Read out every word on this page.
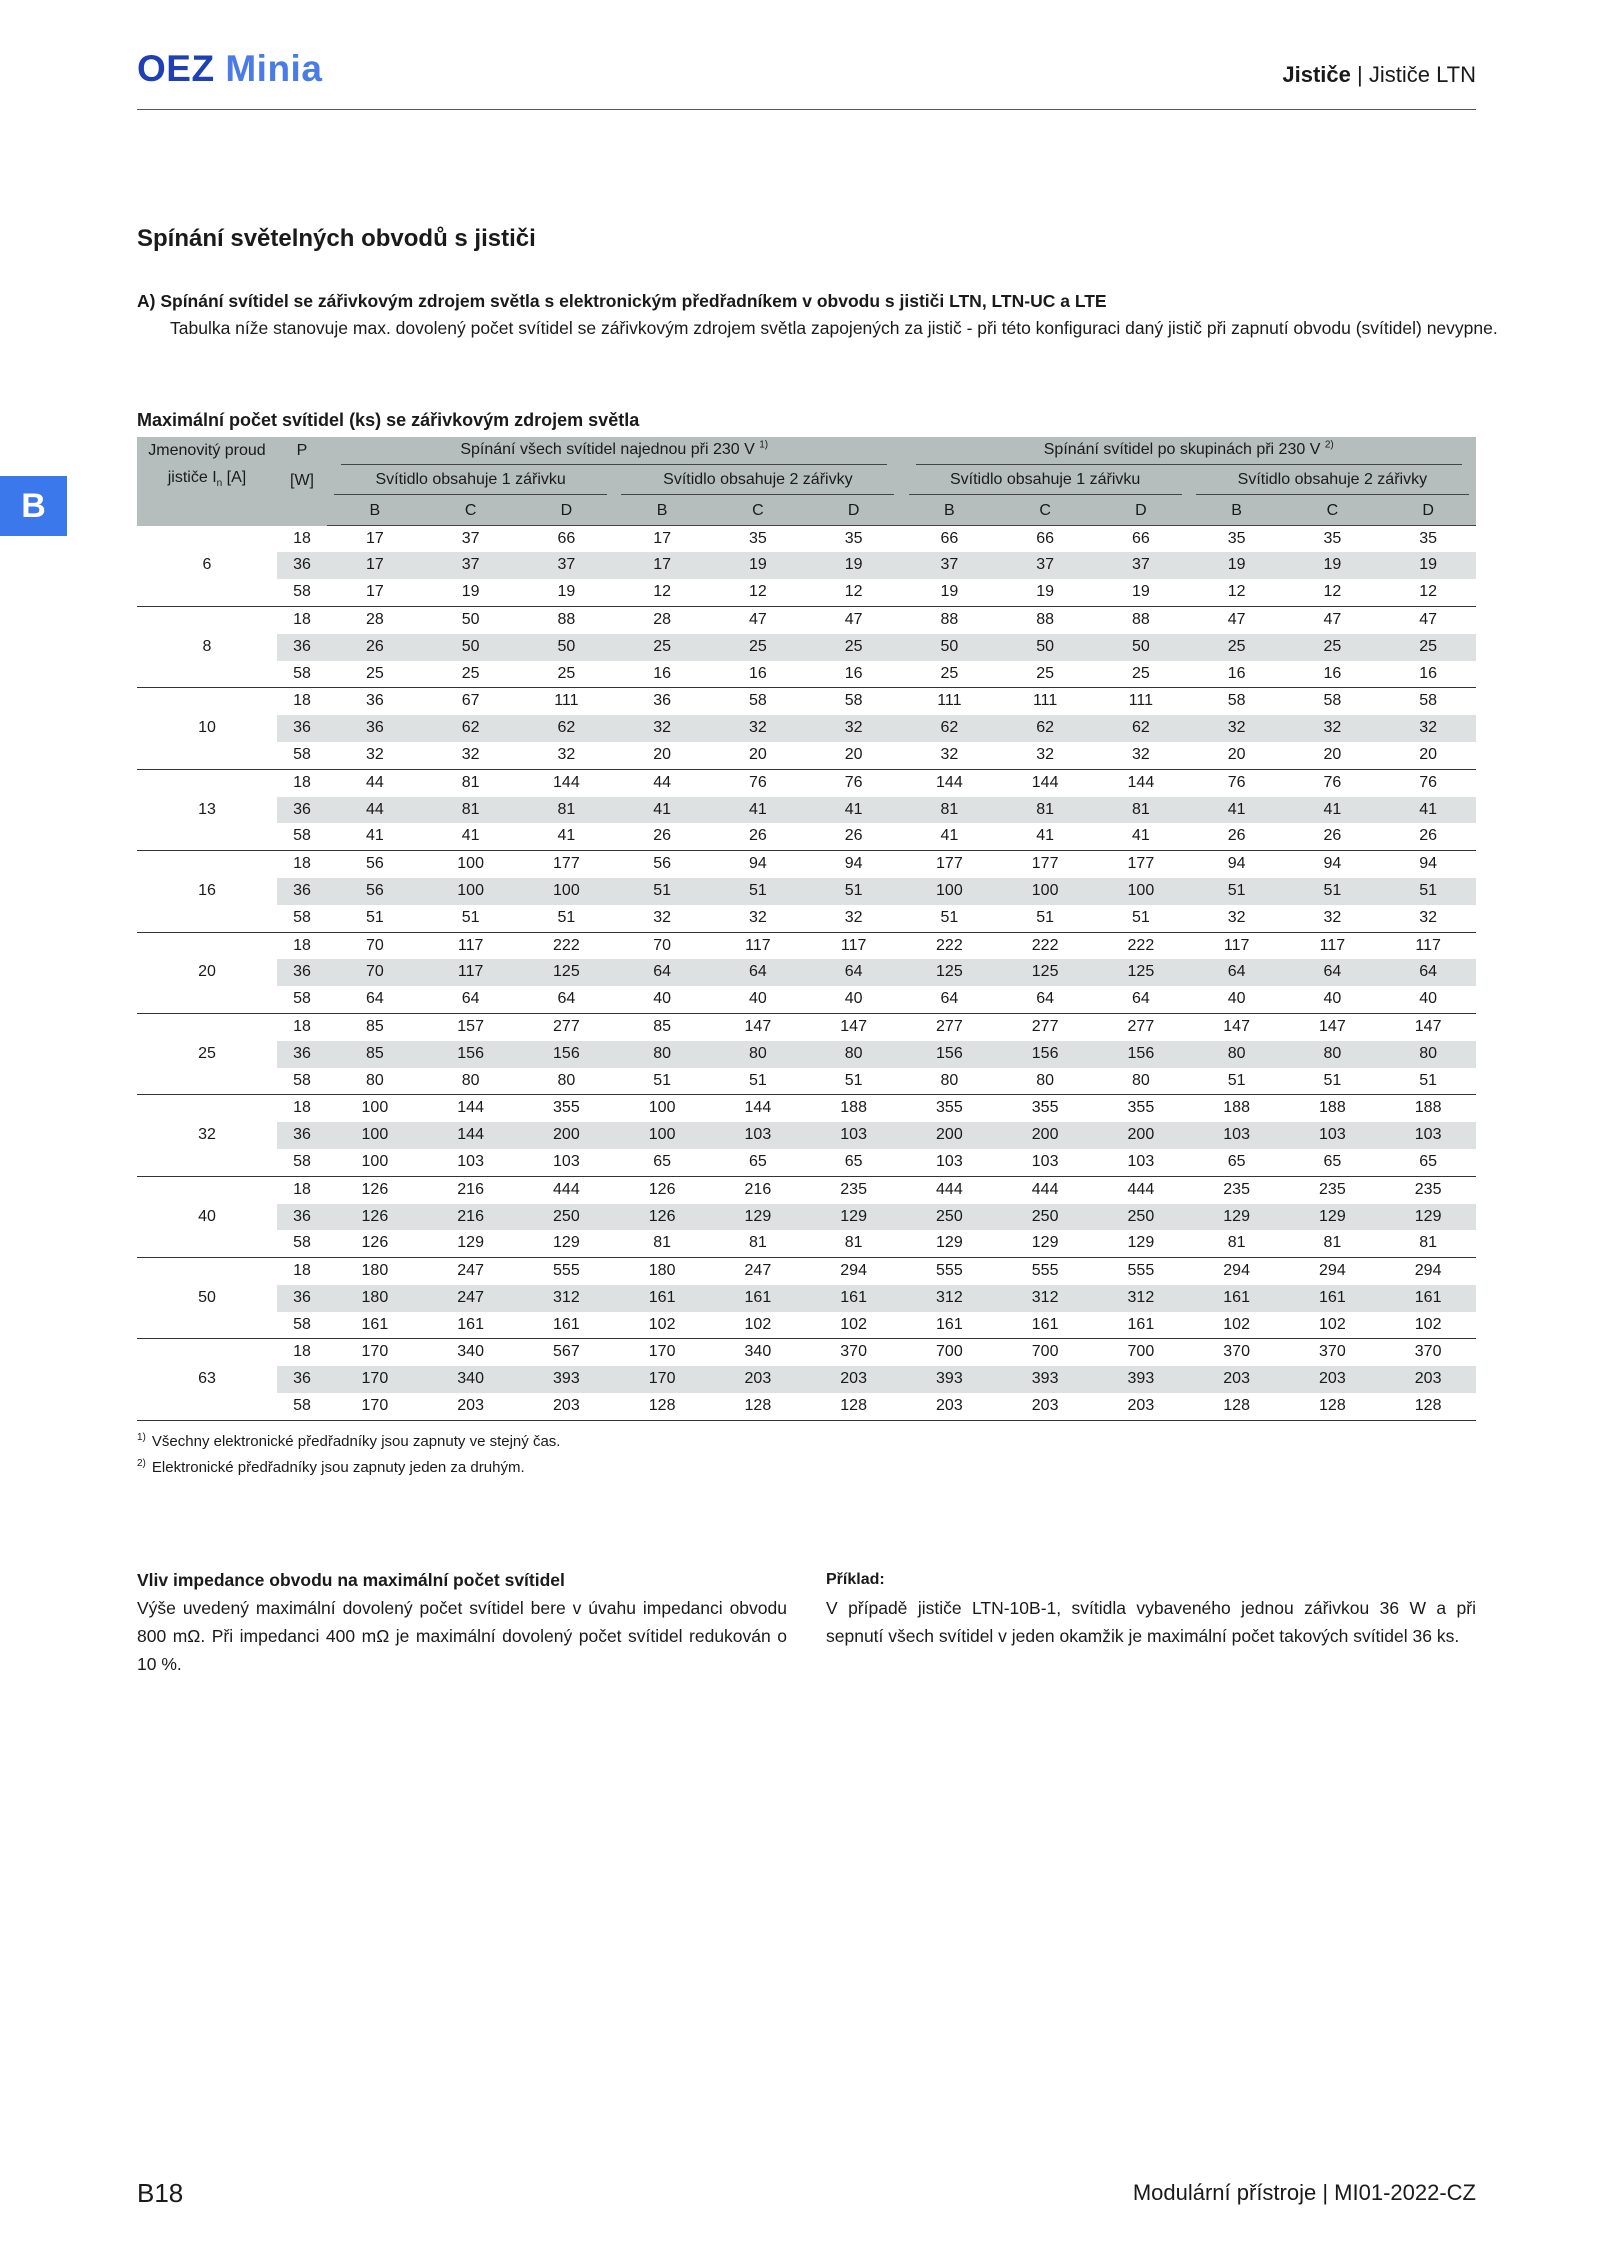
OEZ Minia	Jističe | Jističe LTN
B
Spínání světelných obvodů s jističi
A) Spínání svítidel se zářivkovým zdrojem světla s elektronickým předřadníkem v obvodu s jističi LTN, LTN-UC a LTE
Tabulka níže stanovuje max. dovolený počet svítidel se zářivkovým zdrojem světla zapojených za jistič - při této konfiguraci daný jistič při zapnutí obvodu (svítidel) nevypne.
Maximální počet svítidel (ks) se zářivkovým zdrojem světla
Jmenovitý proud	P	Spínání všech svítidel najednou při 230 V $^{1)}$						Spínání svítidel po skupinách při 230 V $^{2)}$
jističe $I_n$ [A]	[W]	Svítidlo obsahuje 1 zářivku			Svítidlo obsahuje 2 zářivky			Svítidlo obsahuje 1 zářivku			Svítidlo obsahuje 2 zářivky		
		B	C	D	B	C	D	B	C	D	B	C	D
6	18	17	37	66	17	35	35	66	66	66	35	35	35
	36	17	37	37	17	19	19	37	37	37	19	19	19
	58	17	19	19	12	12	12	19	19	19	12	12	12
8	18	28	50	88	28	47	47	88	88	88	47	47	47
	36	26	50	50	25	25	25	50	50	50	25	25	25
	58	25	25	25	16	16	16	25	25	25	16	16	16
10	18	36	67	111	36	58	58	111	111	111	58	58	58
	36	36	62	62	32	32	32	62	62	62	32	32	32
	58	32	32	32	20	20	20	32	32	32	20	20	20
13	18	44	81	144	44	76	76	144	144	144	76	76	76
	36	44	81	81	41	41	41	81	81	81	41	41	41
	58	41	41	41	26	26	26	41	41	41	26	26	26
16	18	56	100	177	56	94	94	177	177	177	94	94	94
	36	56	100	100	51	51	51	100	100	100	51	51	51
	58	51	51	51	32	32	32	51	51	51	32	32	32
20	18	70	117	222	70	117	117	222	222	222	117	117	117
	36	70	117	125	64	64	64	125	125	125	64	64	64
	58	64	64	64	40	40	40	64	64	64	40	40	40
25	18	85	157	277	85	147	147	277	277	277	147	147	147
	36	85	156	156	80	80	80	156	156	156	80	80	80
	58	80	80	80	51	51	51	80	80	80	51	51	51
32	18	100	144	355	100	144	188	355	355	355	188	188	188
	36	100	144	200	100	103	103	200	200	200	103	103	103
	58	100	103	103	65	65	65	103	103	103	65	65	65
40	18	126	216	444	126	216	235	444	444	444	235	235	235
	36	126	216	250	126	129	129	250	250	250	129	129	129
	58	126	129	129	81	81	81	129	129	129	81	81	81
50	18	180	247	555	180	247	294	555	555	555	294	294	294
	36	180	247	312	161	161	161	312	312	312	161	161	161
	58	161	161	161	102	102	102	161	161	161	102	102	102
63	18	170	340	567	170	340	370	700	700	700	370	370	370
	36	170	340	393	170	203	203	393	393	393	203	203	203
	58	170	203	203	128	128	128	203	203	203	128	128	128
$^{1)}$ Všechny elektronické předřadníky jsou zapnuty ve stejný čas.
$^{2)}$ Elektronické předřadníky jsou zapnuty jeden za druhým.
Vliv impedance obvodu na maximální počet svítidel

Výše uvedený maximální dovolený počet svítidel bere v úvahu impedanci obvodu 800 mΩ. Při impedanci 400 mΩ je maximální dovolený počet svítidel redukován o 10 %.

Příklad:

V případě jističe LTN-10B-1, svítidla vybaveného jednou zářivkou 36 W a při sepnutí všech svítidel v jeden okamžik je maximální počet takových svítidel 36 ks.

B18	Modulární přístroje | MI01-2022-CZ
